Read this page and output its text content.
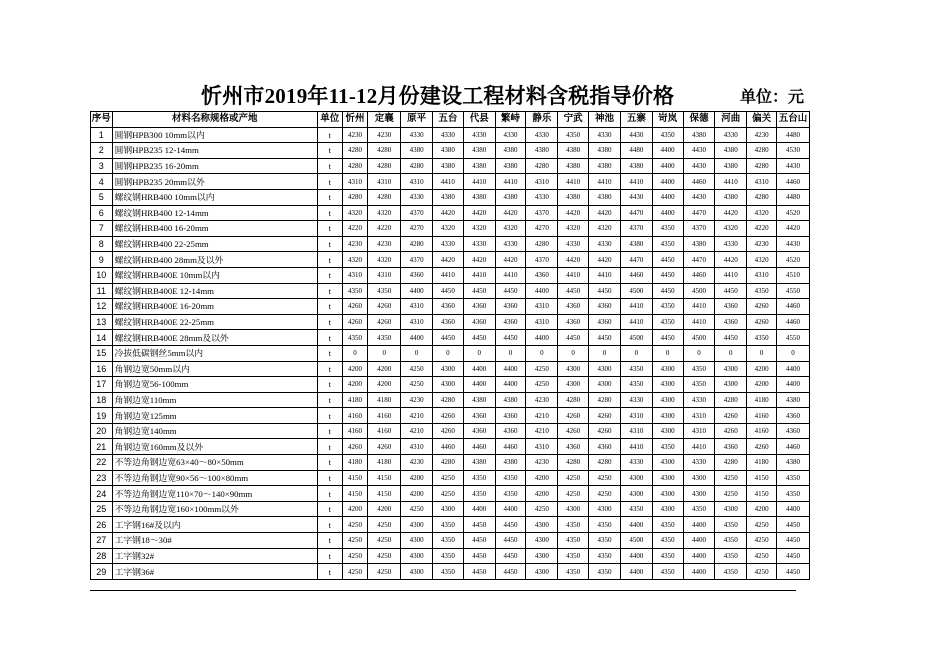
忻州市2019年11-12月份建设工程材料含税指导价格	单位：元
序号	材料名称规格或产地	单位	忻州	定襄	原平	五台	代县	繁峙	静乐	宁武	神池	五寨	岢岚	保德	河曲	偏关	五台山
1	圆钢HPB300 10mm以内	t	4230	4230	4330	4330	4330	4330	4330	4350	4330	4430	4350	4380	4330	4230	4480
2	圆钢HPB235 12-14mm	t	4280	4280	4380	4380	4380	4380	4380	4380	4380	4480	4400	4430	4380	4280	4530
3	圆钢HPB235 16-20mm	t	4280	4280	4280	4380	4380	4380	4280	4380	4380	4380	4400	4430	4380	4280	4430
4	圆钢HPB235 20mm以外	t	4310	4310	4310	4410	4410	4410	4310	4410	4410	4410	4400	4460	4410	4310	4460
5	螺纹钢HRB400 10mm以内	t	4280	4280	4330	4380	4380	4380	4330	4380	4380	4430	4400	4430	4380	4280	4480
6	螺纹钢HRB400 12-14mm	t	4320	4320	4370	4420	4420	4420	4370	4420	4420	4470	4400	4470	4420	4320	4520
7	螺纹钢HRB400 16-20mm	t	4220	4220	4270	4320	4320	4320	4270	4320	4320	4370	4350	4370	4320	4220	4420
8	螺纹钢HRB400 22-25mm	t	4230	4230	4280	4330	4330	4330	4280	4330	4330	4380	4350	4380	4330	4230	4430
9	螺纹钢HRB400 28mm及以外	t	4320	4320	4370	4420	4420	4420	4370	4420	4420	4470	4450	4470	4420	4320	4520
10	螺纹钢HRB400E 10mm以内	t	4310	4310	4360	4410	4410	4410	4360	4410	4410	4460	4450	4460	4410	4310	4510
11	螺纹钢HRB400E 12-14mm	t	4350	4350	4400	4450	4450	4450	4400	4450	4450	4500	4450	4500	4450	4350	4550
12	螺纹钢HRB400E 16-20mm	t	4260	4260	4310	4360	4360	4360	4310	4360	4360	4410	4350	4410	4360	4260	4460
13	螺纹钢HRB400E 22-25mm	t	4260	4260	4310	4360	4360	4360	4310	4360	4360	4410	4350	4410	4360	4260	4460
14	螺纹钢HRB400E 28mm及以外	t	4350	4350	4400	4450	4450	4450	4400	4450	4450	4500	4450	4500	4450	4350	4550
15	冷拔低碳钢丝5mm以内	t	0	0	0	0	0	0	0	0	0	0	0	0	0	0	0
16	角钢边宽50mm以内	t	4200	4200	4250	4300	4400	4400	4250	4300	4300	4350	4300	4350	4300	4200	4400
17	角钢边宽56-100mm	t	4200	4200	4250	4300	4400	4400	4250	4300	4300	4350	4300	4350	4300	4200	4400
18	角钢边宽110mm	t	4180	4180	4230	4280	4380	4380	4230	4280	4280	4330	4300	4330	4280	4180	4380
19	角钢边宽125mm	t	4160	4160	4210	4260	4360	4360	4210	4260	4260	4310	4300	4310	4260	4160	4360
20	角钢边宽140mm	t	4160	4160	4210	4260	4360	4360	4210	4260	4260	4310	4300	4310	4260	4160	4360
21	角钢边宽160mm及以外	t	4260	4260	4310	4460	4460	4460	4310	4360	4360	4410	4350	4410	4360	4260	4460
22	不等边角钢边宽63×40～80×50mm	t	4180	4180	4230	4280	4380	4380	4230	4280	4280	4330	4300	4330	4280	4180	4380
23	不等边角钢边宽90×56～100×80mm	t	4150	4150	4200	4250	4350	4350	4200	4250	4250	4300	4300	4300	4250	4150	4350
24	不等边角钢边宽110×70～140×90mm	t	4150	4150	4200	4250	4350	4350	4200	4250	4250	4300	4300	4300	4250	4150	4350
25	不等边角钢边宽160×100mm以外	t	4200	4200	4250	4300	4400	4400	4250	4300	4300	4350	4300	4350	4300	4200	4400
26	工字钢16#及以内	t	4250	4250	4300	4350	4450	4450	4300	4350	4350	4400	4350	4400	4350	4250	4450
27	工字钢18～30#	t	4250	4250	4300	4350	4450	4450	4300	4350	4350	4500	4350	4400	4350	4250	4450
28	工字钢32#	t	4250	4250	4300	4350	4450	4450	4300	4350	4350	4400	4350	4400	4350	4250	4450
29	工字钢36#	t	4250	4250	4300	4350	4450	4450	4300	4350	4350	4400	4350	4400	4350	4250	4450
